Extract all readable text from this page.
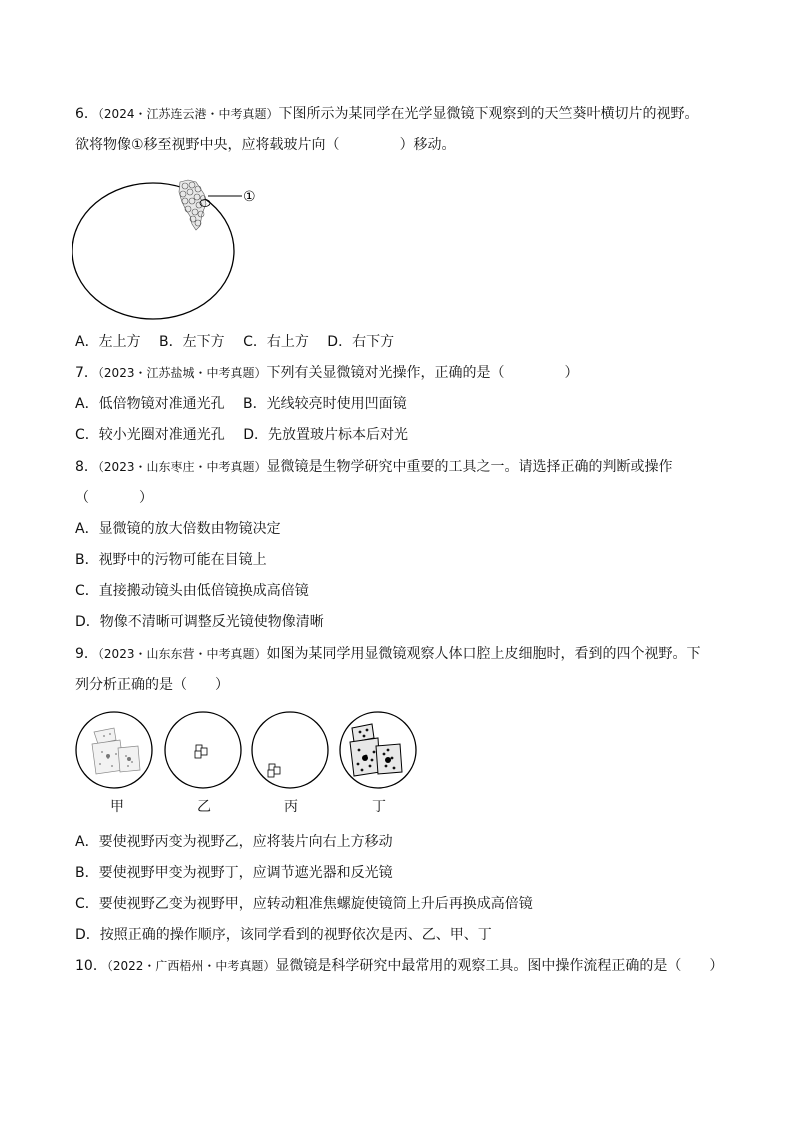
6．（2024・江苏连云港・中考真题）下图所示为某同学在光学显微镜下观察到的天竺葵叶横切片的视野。
欲将物像①移至视野中央，应将载玻片向（	）移动。
①
A．左上方　 B．左下方　 C．右上方　 D．右下方
7．（2023・江苏盐城・中考真题）下列有关显微镜对光操作，正确的是（	）
A．低倍物镜对准通光孔　 B．光线较亮时使用凹面镜
C．较小光圈对准通光孔　 D．先放置玻片标本后对光
8．（2023・山东枣庄・中考真题）显微镜是生物学研究中重要的工具之一。请选择正确的判断或操作
（	）
A．显微镜的放大倍数由物镜决定
B．视野中的污物可能在目镜上
C．直接搬动镜头由低倍镜换成高倍镜
D．物像不清晰可调整反光镜使物像清晰
9．（2023・山东东营・中考真题）如图为某同学用显微镜观察人体口腔上皮细胞时，看到的四个视野。下
列分析正确的是（　　）
甲	乙	丙	丁
A．要使视野丙变为视野乙，应将装片向右上方移动
B．要使视野甲变为视野丁，应调节遮光器和反光镜
C．要使视野乙变为视野甲，应转动粗准焦螺旋使镜筒上升后再换成高倍镜
D．按照正确的操作顺序，该同学看到的视野依次是丙、乙、甲、丁
10．（2022・广西梧州・中考真题）显微镜是科学研究中最常用的观察工具。图中操作流程正确的是（　　）
